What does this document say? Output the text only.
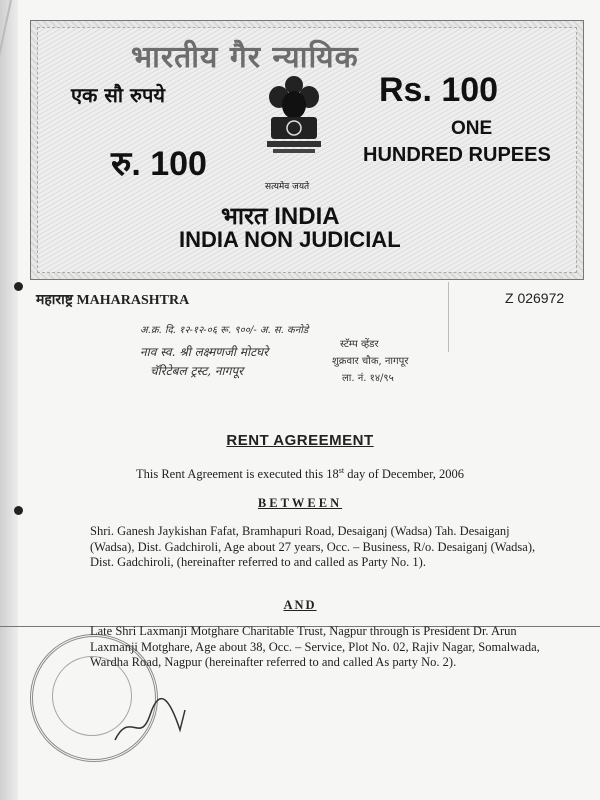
भारतीय गैर न्यायिक
एक सौ रुपये	Rs. 100
रु. 100
ONE
HUNDRED RUPEES
सत्यमेव जयते
भारत INDIA
INDIA NON JUDICIAL
महाराष्ट्र MAHARASHTRA	Z 026972
अ.क्र. दि. १२-१२-०६ रू. ९००/- अ. स. कनोडे
नाव स्व. श्री लक्ष्मणजी मोटघरे
चॅरिटेबल ट्रस्ट, नागपूर
स्टॅम्प व्हेंडर
शुक्रवार चौक, नागपूर
ला. नं. १४/९५
RENT AGREEMENT
This Rent Agreement is executed this 18st day of December, 2006
BETWEEN
Shri. Ganesh Jaykishan Fafat, Bramhapuri Road, Desaiganj (Wadsa) Tah. Desaiganj (Wadsa), Dist. Gadchiroli, Age about 27 years, Occ. – Business, R/o. Desaiganj (Wadsa), Dist. Gadchiroli, (hereinafter referred to and called as Party No. 1).
AND
Late Shri Laxmanji Motghare Charitable Trust, Nagpur through is President Dr. Arun Laxmanji Motghare, Age about 38, Occ. – Service, Plot No. 02, Rajiv Nagar, Somalwada, Wardha Road, Nagpur (hereinafter referred to and called As party No. 2).
